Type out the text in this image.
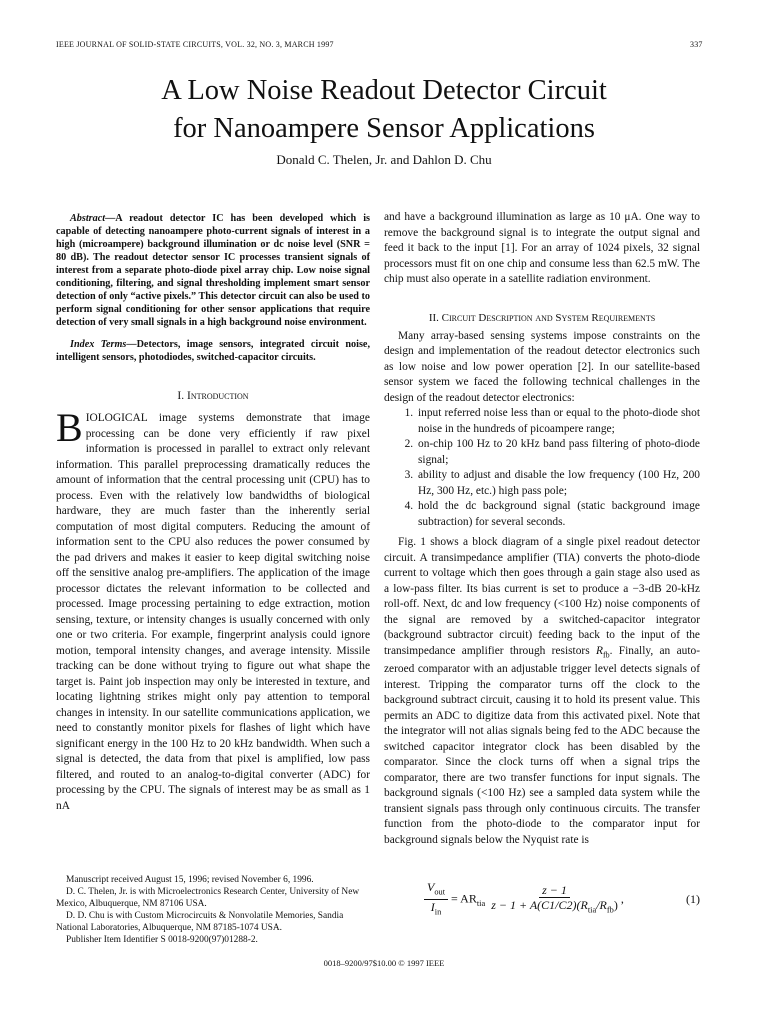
IEEE JOURNAL OF SOLID-STATE CIRCUITS, VOL. 32, NO. 3, MARCH 1997	337
A Low Noise Readout Detector Circuit
for Nanoampere Sensor Applications
Donald C. Thelen, Jr. and Dahlon D. Chu

Abstract—A readout detector IC has been developed which is capable of detecting nanoampere photo-current signals of interest in a high (microampere) background illumination or dc noise level (SNR = 80 dB). The readout detector sensor IC processes transient signals of interest from a separate photo-diode pixel array chip. Low noise signal conditioning, filtering, and signal thresholding implement smart sensor detection of only “active pixels.” This detector circuit can also be used to perform signal conditioning for other sensor applications that require detection of very small signals in a high background noise environment.

Index Terms—Detectors, image sensors, integrated circuit noise, intelligent sensors, photodiodes, switched-capacitor circuits.

I. Introduction

BIOLOGICAL image systems demonstrate that image processing can be done very efficiently if raw pixel information is processed in parallel to extract only relevant information. This parallel preprocessing dramatically reduces the amount of information that the central processing unit (CPU) has to process. Even with the relatively low bandwidths of biological hardware, they are much faster than the inherently serial computation of most digital computers. Reducing the amount of information sent to the CPU also reduces the power consumed by the pad drivers and makes it easier to keep digital switching noise off the sensitive analog pre-amplifiers. The application of the image processor dictates the relevant information to be collected and processed. Image processing pertaining to edge extraction, motion sensing, texture, or intensity changes is usually concerned with only one or two criteria. For example, fingerprint analysis could ignore motion, temporal intensity changes, and average intensity. Missile tracking can be done without trying to figure out what shape the target is. Paint job inspection may only be interested in texture, and locating lightning strikes might only pay attention to temporal changes in intensity. In our satellite communications application, we need to constantly monitor pixels for flashes of light which have significant energy in the 100 Hz to 20 kHz bandwidth. When such a signal is detected, the data from that pixel is amplified, low pass filtered, and routed to an analog-to-digital converter (ADC) for processing by the CPU. The signals of interest may be as small as 1 nA

Manuscript received August 15, 1996; revised November 6, 1996.

D. C. Thelen, Jr. is with Microelectronics Research Center, University of New Mexico, Albuquerque, NM 87106 USA.

D. D. Chu is with Custom Microcircuits & Nonvolatile Memories, Sandia National Laboratories, Albuquerque, NM 87185-1074 USA.

Publisher Item Identifier S 0018-9200(97)01288-2.

and have a background illumination as large as 10 μA. One way to remove the background signal is to integrate the output signal and feed it back to the input [1]. For an array of 1024 pixels, 32 signal processors must fit on one chip and consume less than 62.5 mW. The chip must also operate in a satellite radiation environment.

II. Circuit Description and System Requirements

Many array-based sensing systems impose constraints on the design and implementation of the readout detector electronics such as low noise and low power operation [2]. In our satellite-based sensor system we faced the following technical challenges in the design of the readout detector electronics:

1. input referred noise less than or equal to the photo-diode shot noise in the hundreds of picoampere range;
2. on-chip 100 Hz to 20 kHz band pass filtering of photo-diode signal;
3. ability to adjust and disable the low frequency (100 Hz, 200 Hz, 300 Hz, etc.) high pass pole;
4. hold the dc background signal (static background image subtraction) for several seconds.

Fig. 1 shows a block diagram of a single pixel readout detector circuit. A transimpedance amplifier (TIA) converts the photo-diode current to voltage which then goes through a gain stage also used as a low-pass filter. Its bias current is set to produce a −3-dB 20-kHz roll-off. Next, dc and low frequency (<100 Hz) noise components of the signal are removed by a switched-capacitor integrator (background subtractor circuit) feeding back to the input of the transimpedance amplifier through resistors $R_{fb}$. Finally, an auto-zeroed comparator with an adjustable trigger level detects signals of interest. Tripping the comparator turns off the clock to the background subtract circuit, causing it to hold its present value. This permits an ADC to digitize data from this activated pixel. Note that the integrator will not alias signals being fed to the ADC because the switched capacitor integrator clock has been disabled by the comparator. Since the clock turns off when a signal trips the comparator, there are two transfer functions for input signals. The background signals (<100 Hz) see a sampled data system while the transient signals pass through only continuous circuits. The transfer function from the photo-diode to the comparator input for background signals below the Nyquist rate is

$\frac{V_{out}}{I_{in}} = AR_{tia} \frac{z - 1}{z - 1 + A(C1/C2)(R_{tia}/R_{fb})}$ ,	(1)
0018–9200/97$10.00 © 1997 IEEE
